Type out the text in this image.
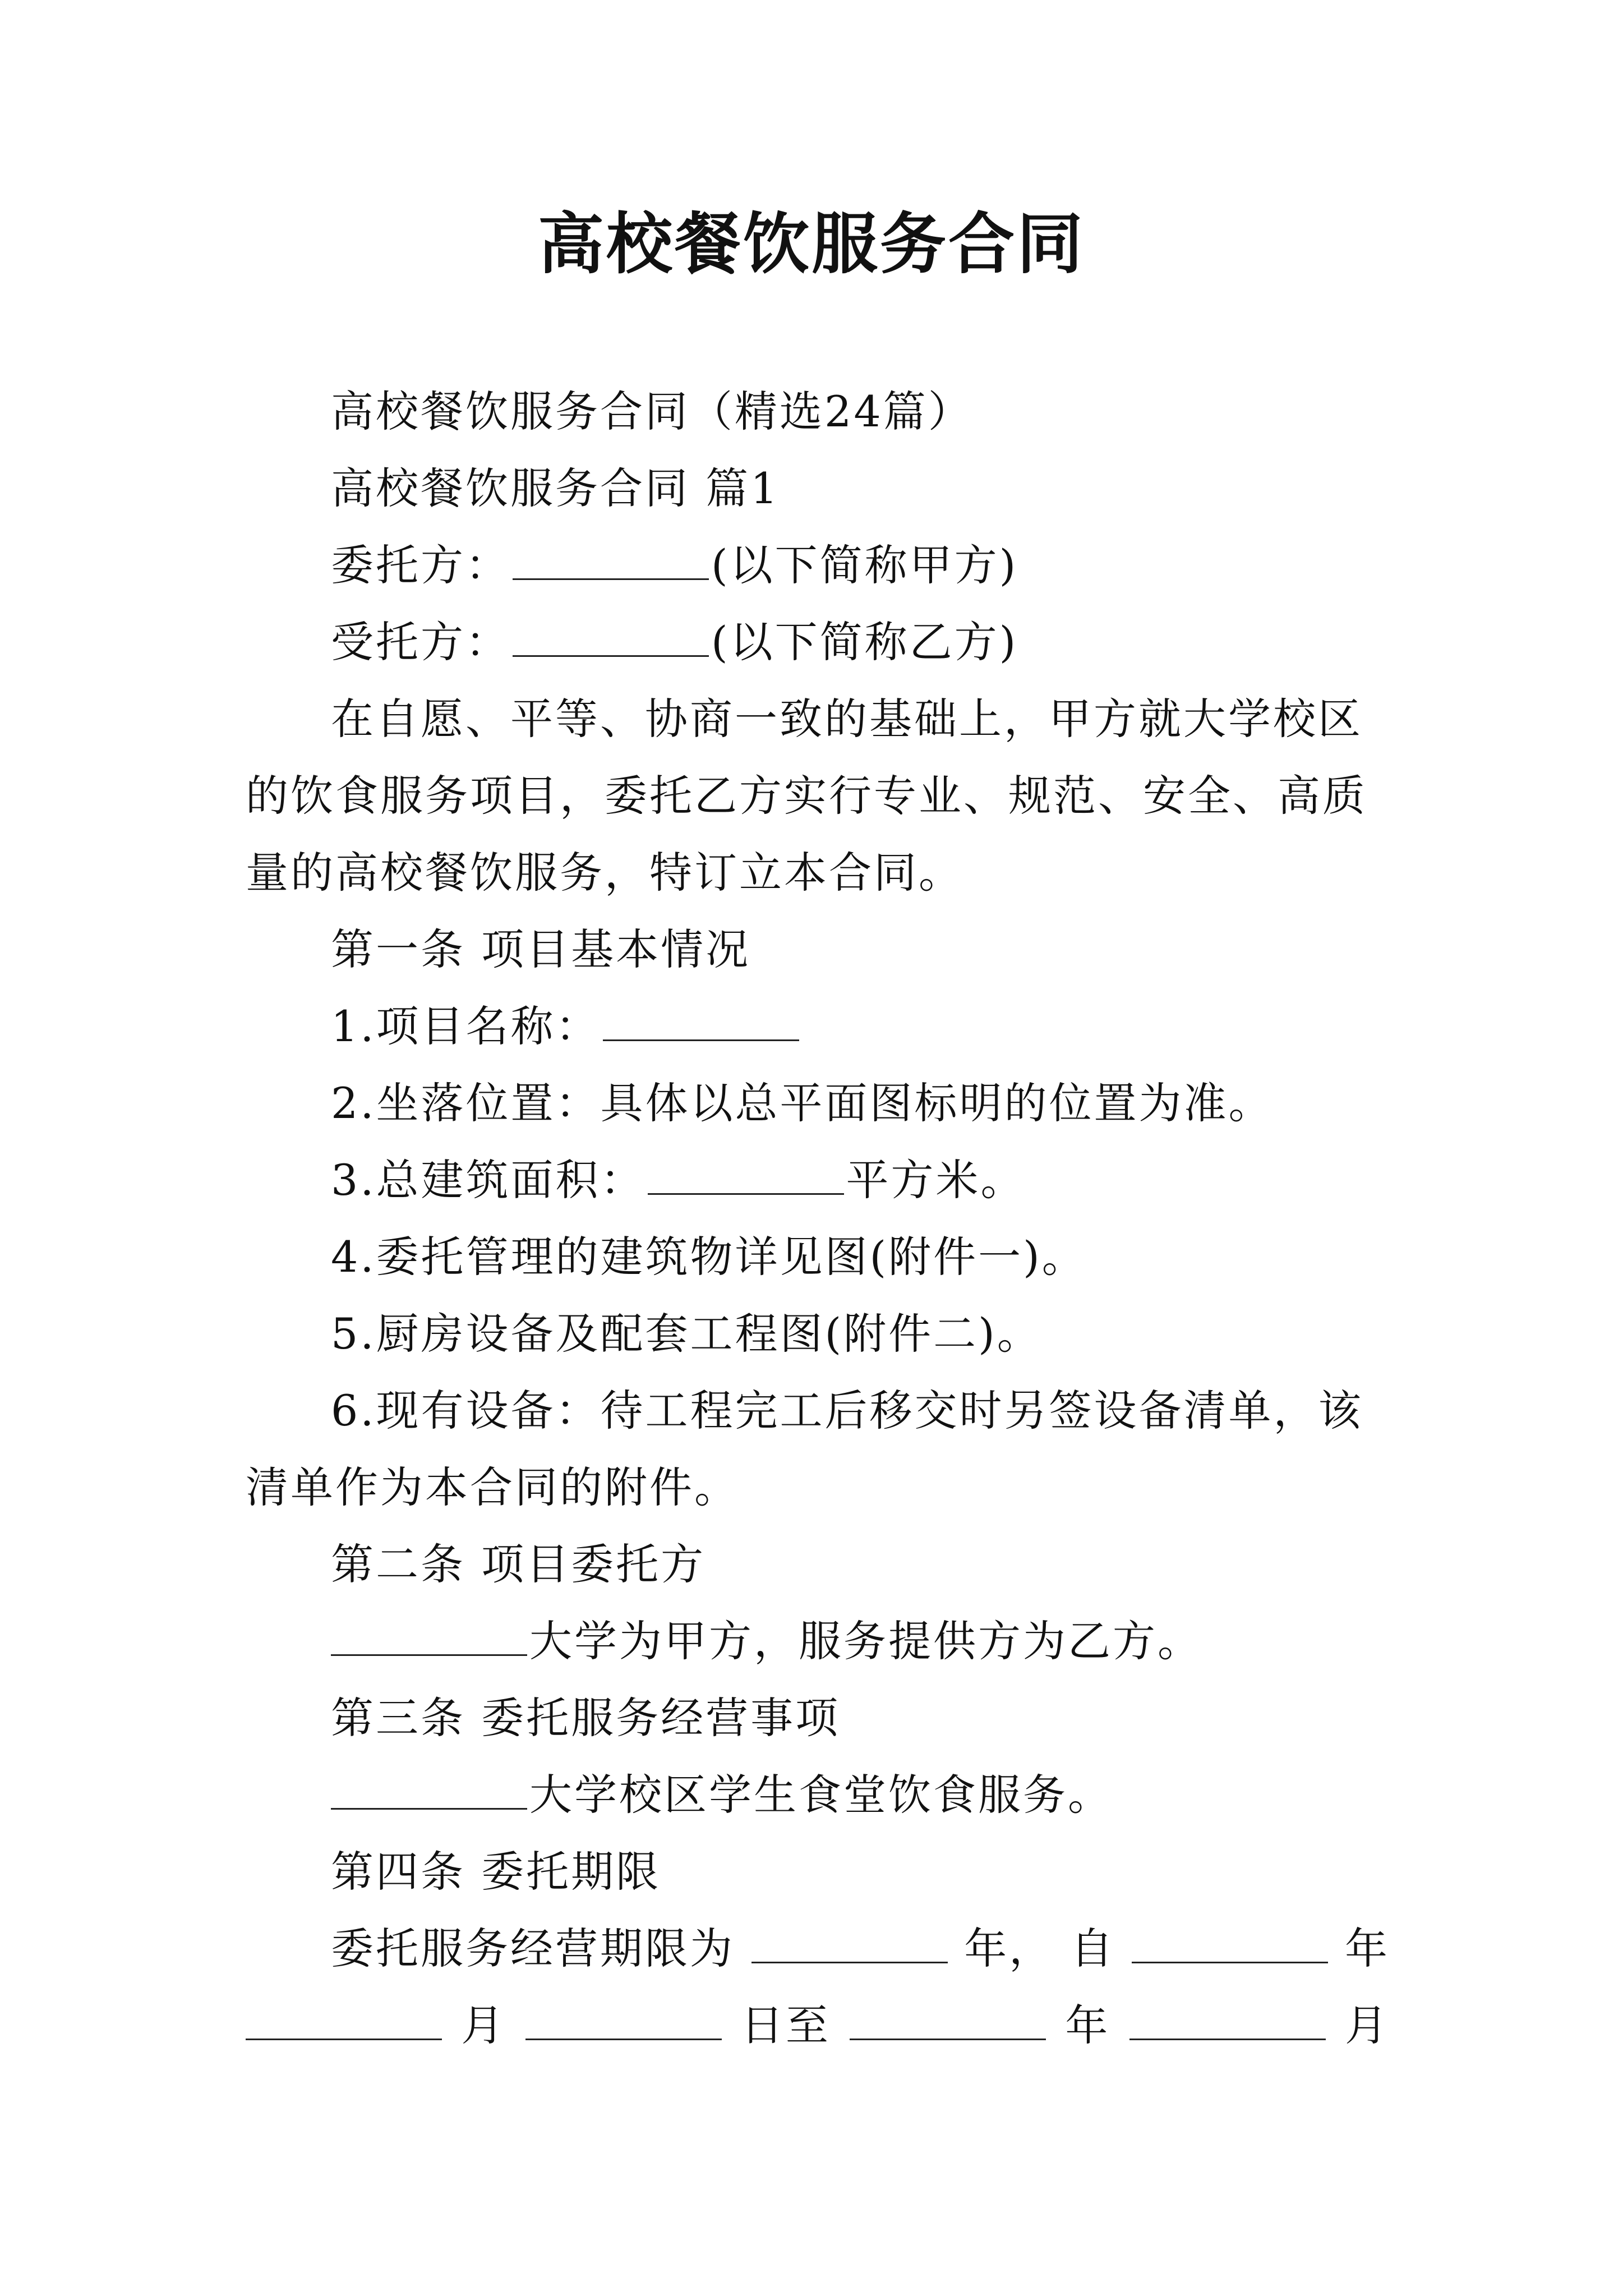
高校餐饮服务合同

高校餐饮服务合同（精选24篇）

高校餐饮服务合同 篇1

委托方：	(以下简称甲方)

受托方：	(以下简称乙方)

在自愿、平等、协商一致的基础上，甲方就大学校区的饮食服务项目，委托乙方实行专业、规范、安全、高质量的高校餐饮服务，特订立本合同。

第一条 项目基本情况

1.项目名称：

2.坐落位置：具体以总平面图标明的位置为准。

3.总建筑面积：	平方米。

4.委托管理的建筑物详见图(附件一)。

5.厨房设备及配套工程图(附件二)。

6.现有设备：待工程完工后移交时另签设备清单，该清单作为本合同的附件。

第二条 项目委托方

大学为甲方，服务提供方为乙方。

第三条 委托服务经营事项

大学校区学生食堂饮食服务。

第四条 委托期限

委托服务经营期限为	年， 自	年
月	日至	年	月
